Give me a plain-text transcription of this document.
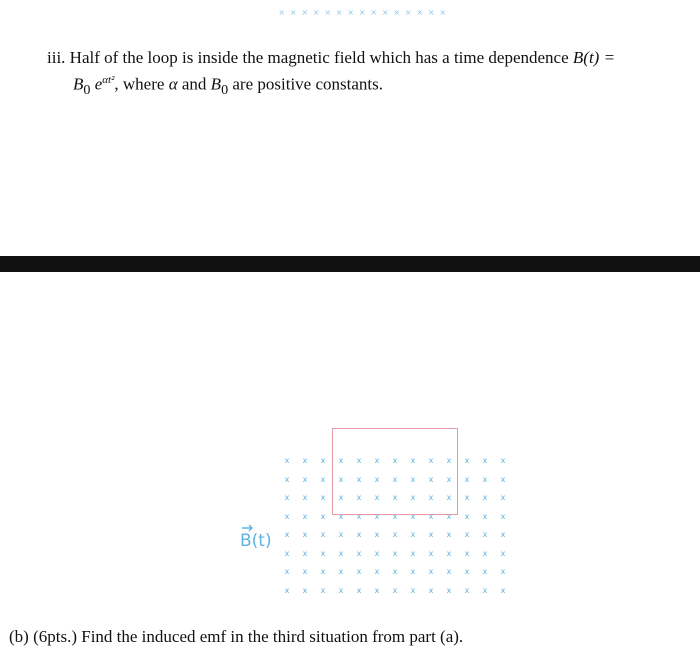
× × × × × × × × × × × × × × ×
iii. Half of the loop is inside the magnetic field which has a time dependence B(t) =
$B_0$ $e^{\alpha t^2}$, where α and $B_0$ are positive constants.
x	x	x	x	x	x	x	x	x	x	x	x	x
x	x	x	x	x	x	x	x	x	x	x	x	x
x	x	x	x	x	x	x	x	x	x	x	x	x
x	x	x	x	x	x	x	x	x	x	x	x	x
x	x	x	x	x	x	x	x	x	x	x	x	x
x	x	x	x	x	x	x	x	x	x	x	x	x
x	x	x	x	x	x	x	x	x	x	x	x	x
x	x	x	x	x	x	x	x	x	x	x	x	x
B(t)
(b) (6pts.) Find the induced emf in the third situation from part (a).
